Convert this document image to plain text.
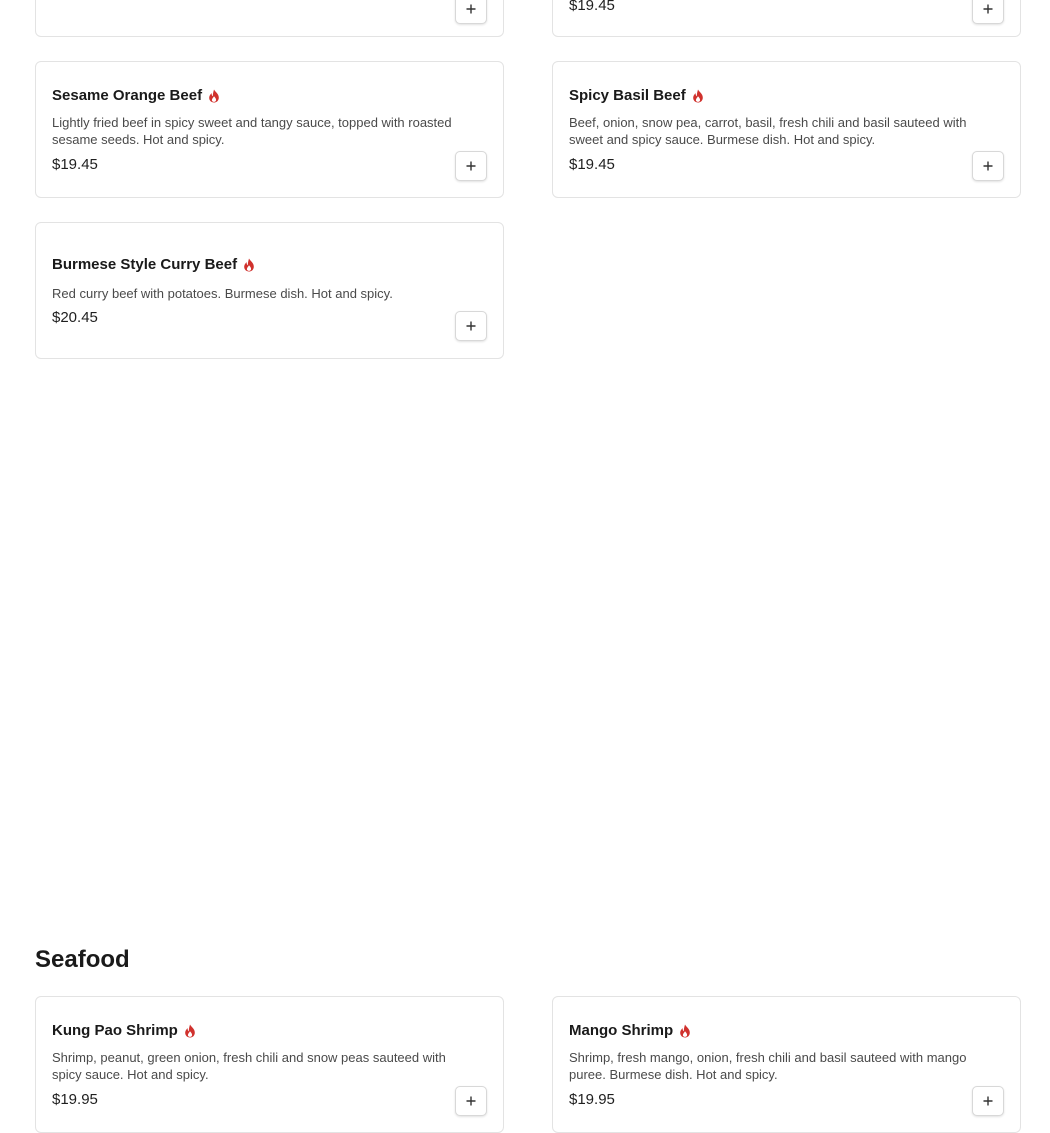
$19.45
Sesame Orange Beef
Lightly fried beef in spicy sweet and tangy sauce, topped with roasted sesame seeds. Hot and spicy.
$19.45
Spicy Basil Beef
Beef, onion, snow pea, carrot, basil, fresh chili and basil sauteed with sweet and spicy sauce. Burmese dish. Hot and spicy.
$19.45
Burmese Style Curry Beef
Red curry beef with potatoes. Burmese dish. Hot and spicy.
$20.45
Seafood
Kung Pao Shrimp
Shrimp, peanut, green onion, fresh chili and snow peas sauteed with spicy sauce. Hot and spicy.
$19.95
Mango Shrimp
Shrimp, fresh mango, onion, fresh chili and basil sauteed with mango puree. Burmese dish. Hot and spicy.
$19.95
